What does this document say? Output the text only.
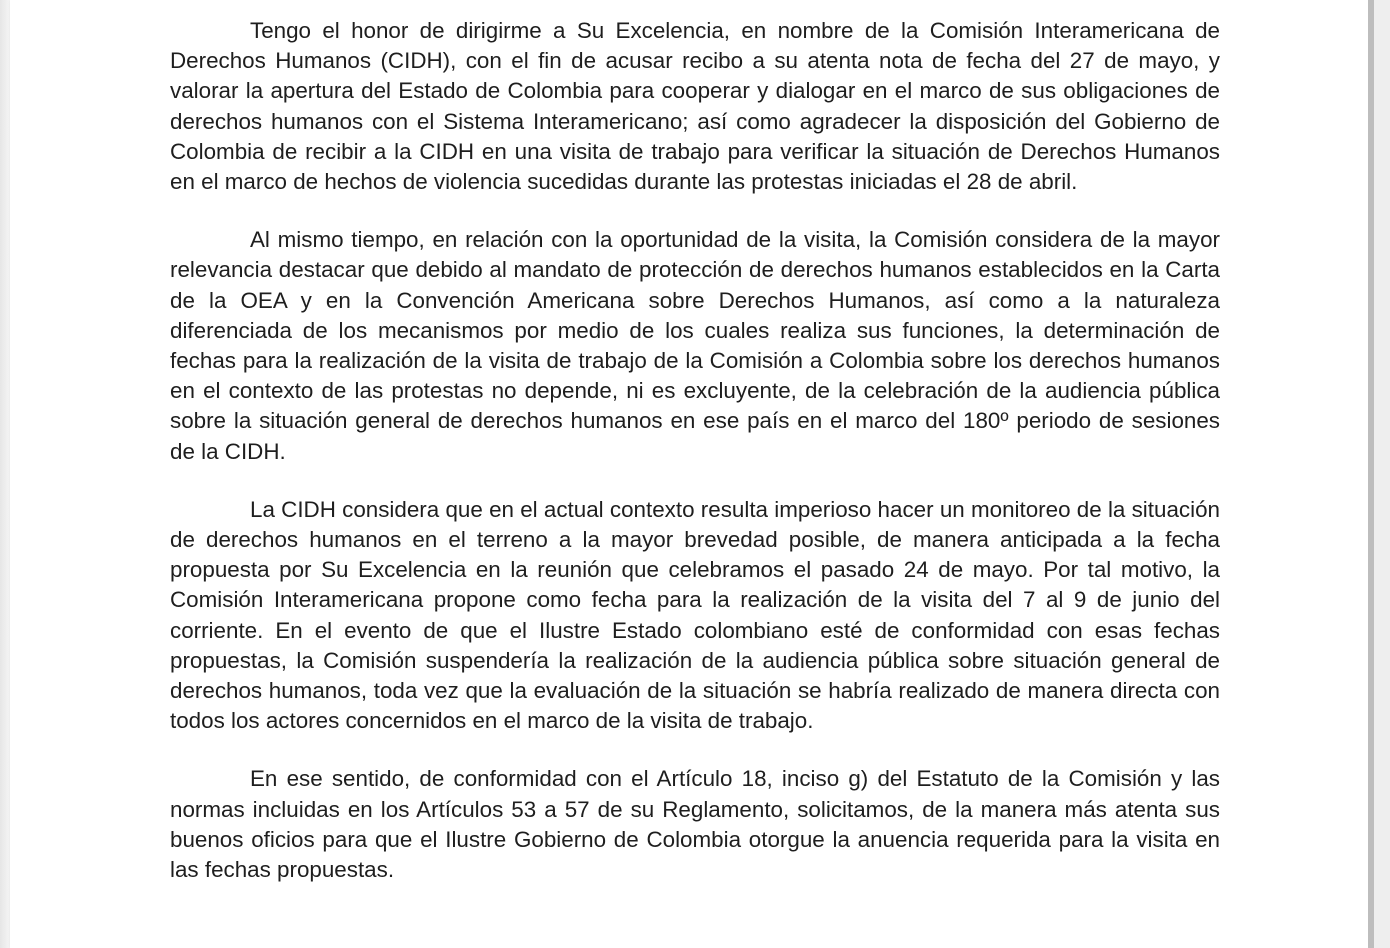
Tengo el honor de dirigirme a Su Excelencia, en nombre de la Comisión Interamericana de Derechos Humanos (CIDH), con el fin de acusar recibo a su atenta nota de fecha del 27 de mayo, y valorar la apertura del Estado de Colombia para cooperar y dialogar en el marco de sus obligaciones de derechos humanos con el Sistema Interamericano; así como agradecer la disposición del Gobierno de Colombia de recibir a la CIDH en una visita de trabajo para verificar la situación de Derechos Humanos en el marco de hechos de violencia sucedidas durante las protestas iniciadas el 28 de abril.

Al mismo tiempo, en relación con la oportunidad de la visita, la Comisión considera de la mayor relevancia destacar que debido al mandato de protección de derechos humanos establecidos en la Carta de la OEA y en la Convención Americana sobre Derechos Humanos, así como a la naturaleza diferenciada de los mecanismos por medio de los cuales realiza sus funciones, la determinación de fechas para la realización de la visita de trabajo de la Comisión a Colombia sobre los derechos humanos en el contexto de las protestas no depende, ni es excluyente, de la celebración de la audiencia pública sobre la situación general de derechos humanos en ese país en el marco del 180º periodo de sesiones de la CIDH.

La CIDH considera que en el actual contexto resulta imperioso hacer un monitoreo de la situación de derechos humanos en el terreno a la mayor brevedad posible, de manera anticipada a la fecha propuesta por Su Excelencia en la reunión que celebramos el pasado 24 de mayo. Por tal motivo, la Comisión Interamericana propone como fecha para la realización de la visita del 7 al 9 de junio del corriente. En el evento de que el Ilustre Estado colombiano esté de conformidad con esas fechas propuestas, la Comisión suspendería la realización de la audiencia pública sobre situación general de derechos humanos, toda vez que la evaluación de la situación se habría realizado de manera directa con todos los actores concernidos en el marco de la visita de trabajo.

En ese sentido, de conformidad con el Artículo 18, inciso g) del Estatuto de la Comisión y las normas incluidas en los Artículos 53 a 57 de su Reglamento, solicitamos, de la manera más atenta sus buenos oficios para que el Ilustre Gobierno de Colombia otorgue la anuencia requerida para la visita en las fechas propuestas.
